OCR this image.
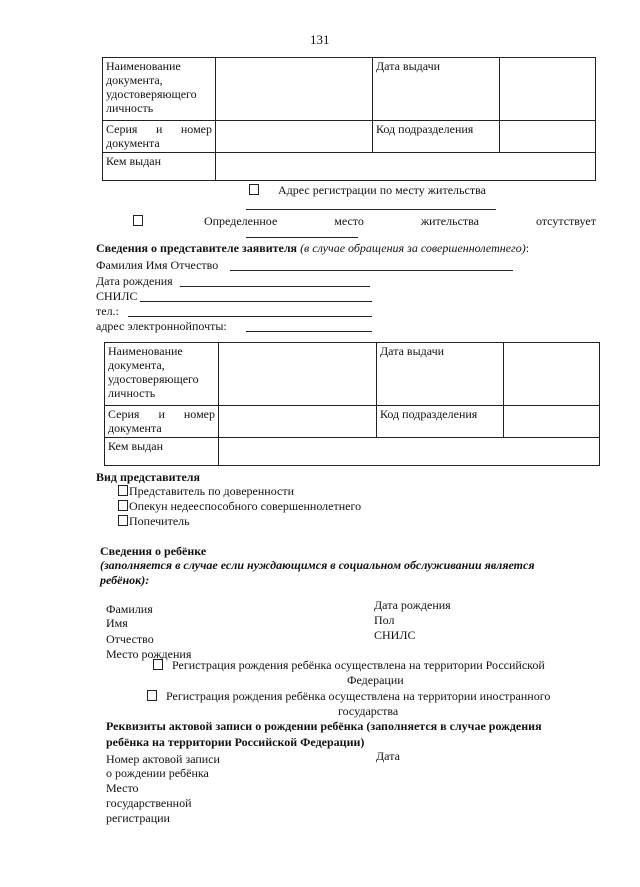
131
Наименование
документа,
удостоверяющего
личность		Дата выдачи	

Серия и номер
документа		Код подразделения	
Кем выдан			
Адрес регистрации по месту жительства
Определенное	место	жительства	отсутствует
Сведения о представителе заявителя (в случае обращения за совершеннолетнего):
Фамилия Имя Отчество
Дата рождения
СНИЛС
тел.:
адрес электроннойпочты:
Наименование
документа,
удостоверяющего
личность		Дата выдачи	

Серия и номер
документа		Код подразделения	
Кем выдан			
Вид представителя
Представитель по доверенности
Опекун недееспособного совершеннолетнего
Попечитель
Сведения о ребёнке
(заполняется в случае если нуждающимся в социальном обслуживании является
ребёнок):
Фамилия
Имя
Отчество
Место рождения
Дата рождения
Пол
СНИЛС
Регистрация рождения ребёнка осуществлена на территории Российской
Федерации
Регистрация рождения ребёнка осуществлена на территории иностранного
государства
Реквизиты актовой записи о рождении ребёнка (заполняется в случае рождения
ребёнка на территории Российской Федерации)
Номер актовой записи
о рождении ребёнка
Дата
Место
государственной
регистрации
